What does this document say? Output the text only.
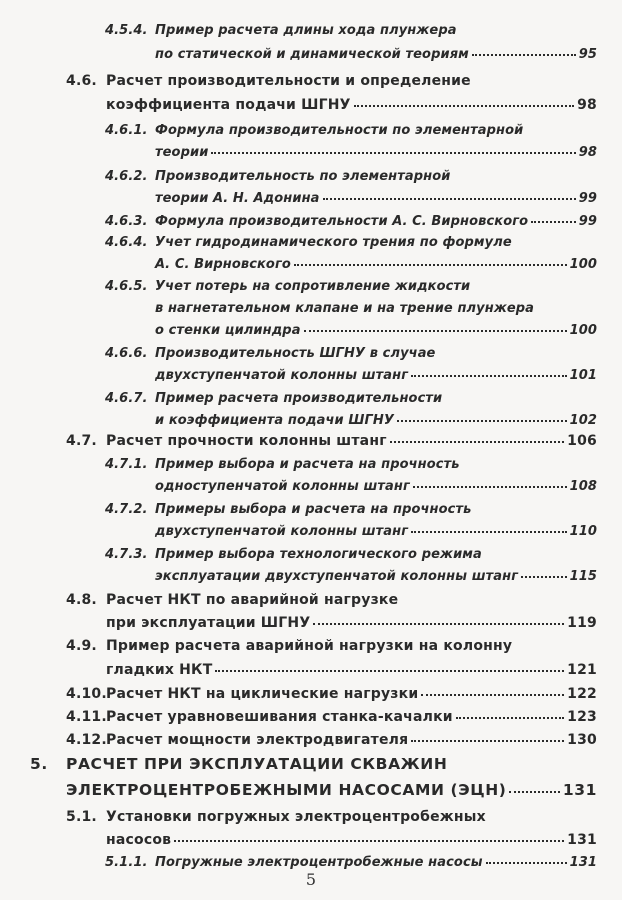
4.5.4. Пример расчета длины хода плунжера
по статической и динамической теориям	95
4.6. Расчет производительности и определение
коэффициента подачи ШГНУ	98
4.6.1. Формула производительности по элементарной
теории	98
4.6.2. Производительность по элементарной
теории А. Н. Адонина	99
4.6.3. Формула производительности А. С. Вирновского	99
4.6.4. Учет гидродинамического трения по формуле
А. С. Вирновского	100
4.6.5. Учет потерь на сопротивление жидкости
в нагнетательном клапане и на трение плунжера
о стенки цилиндра	100
4.6.6. Производительность ШГНУ в случае
двухступенчатой колонны штанг	101
4.6.7. Пример расчета производительности
и коэффициента подачи ШГНУ	102
4.7. Расчет прочности колонны штанг	106
4.7.1. Пример выбора и расчета на прочность
одноступенчатой колонны штанг	108
4.7.2. Примеры выбора и расчета на прочность
двухступенчатой колонны штанг	110
4.7.3. Пример выбора технологического режима
эксплуатации двухступенчатой колонны штанг	115
4.8. Расчет НКТ по аварийной нагрузке
при эксплуатации ШГНУ	119
4.9. Пример расчета аварийной нагрузки на колонну
гладких НКТ	121
4.10. Расчет НКТ на циклические нагрузки	122
4.11. Расчет уравновешивания станка-качалки	123
4.12. Расчет мощности электродвигателя	130
5.	РАСЧЕТ ПРИ ЭКСПЛУАТАЦИИ СКВАЖИН
ЭЛЕКТРОЦЕНТРОБЕЖНЫМИ НАСОСАМИ (ЭЦН)	131
5.1. Установки погружных электроцентробежных
насосов	131
5.1.1. Погружные электроцентробежные насосы	131
5
